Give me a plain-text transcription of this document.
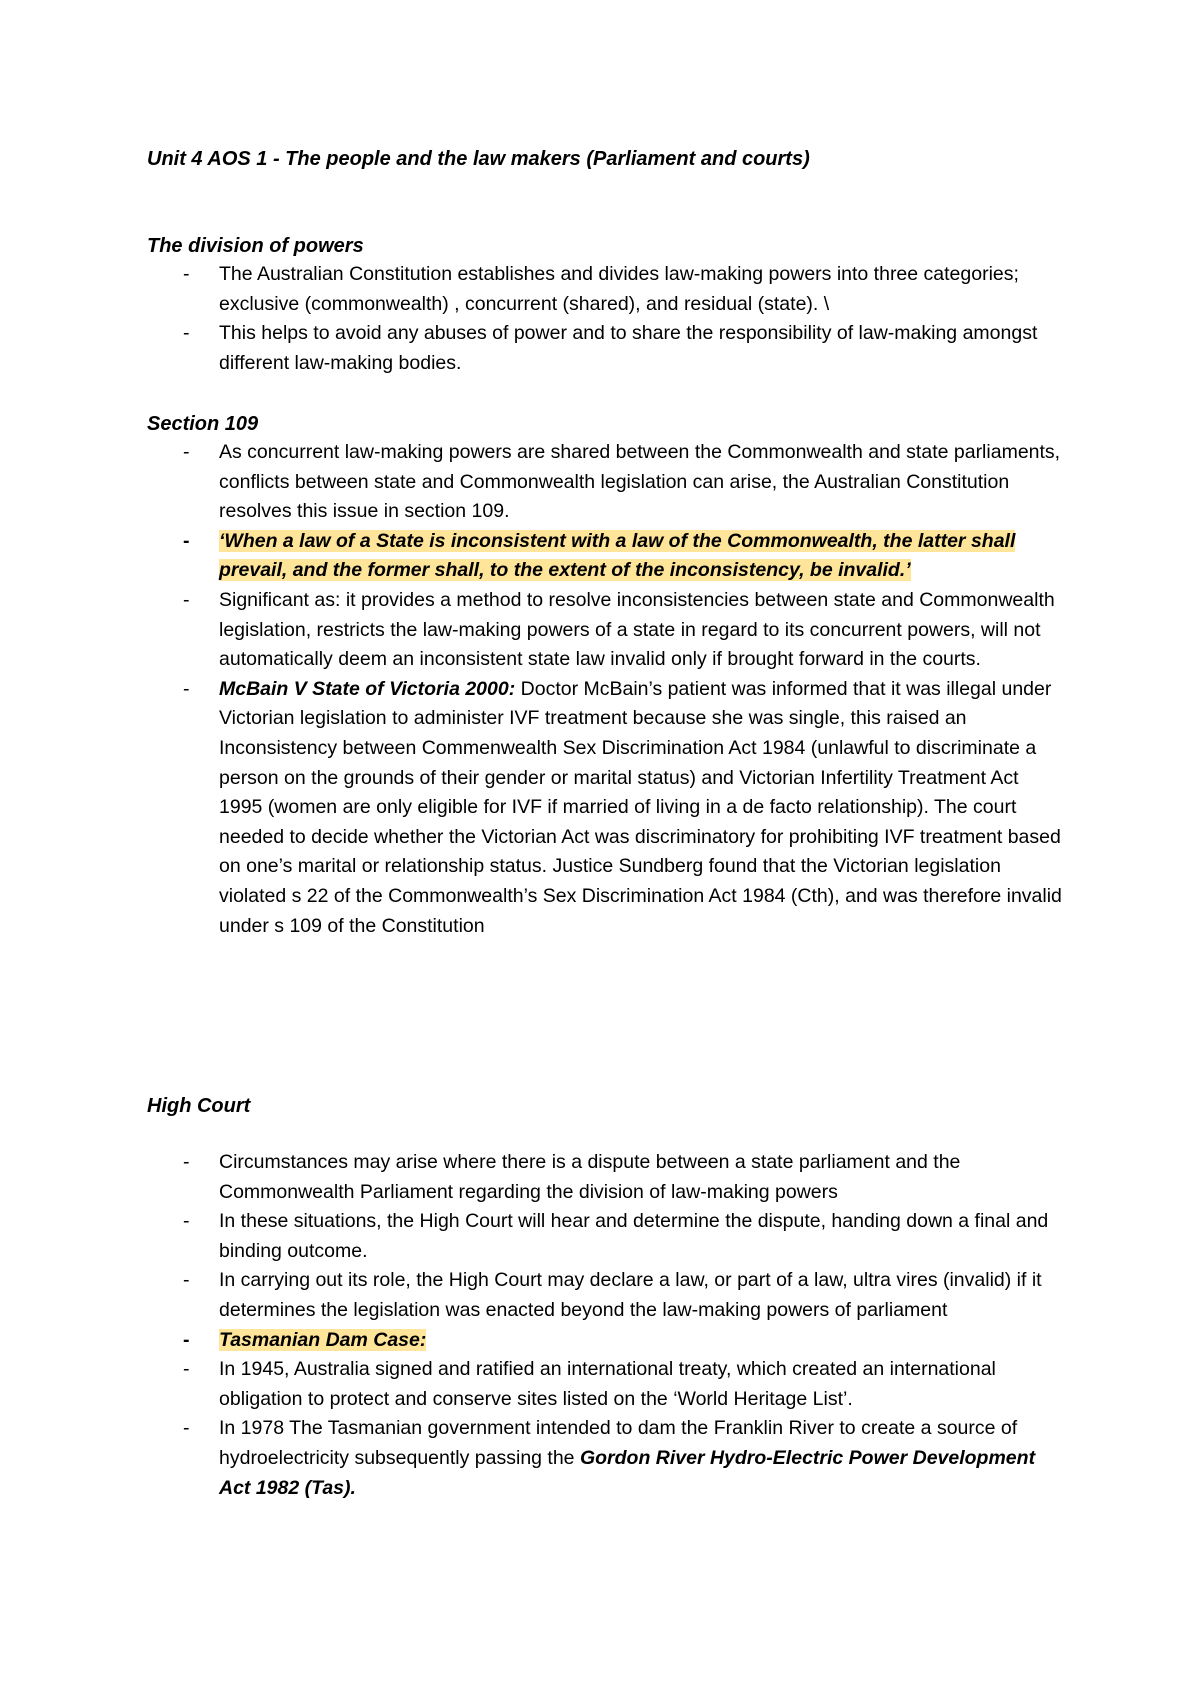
Unit 4 AOS 1 - The people and the law makers (Parliament and courts)
The division of powers
- The Australian Constitution establishes and divides law-making powers into three categories; exclusive (commonwealth) , concurrent (shared), and residual (state). \
- This helps to avoid any abuses of power and to share the responsibility of law-making amongst different law-making bodies.
Section 109
- As concurrent law-making powers are shared between the Commonwealth and state parliaments, conflicts between state and Commonwealth legislation can arise, the Australian Constitution resolves this issue in section 109.
- ‘When a law of a State is inconsistent with a law of the Commonwealth, the latter shall prevail, and the former shall, to the extent of the inconsistency, be invalid.’
- Significant as: it provides a method to resolve inconsistencies between state and Commonwealth legislation, restricts the law-making powers of a state in regard to its concurrent powers, will not automatically deem an inconsistent state law invalid only if brought forward in the courts.
- McBain V State of Victoria 2000: Doctor McBain’s patient was informed that it was illegal under Victorian legislation to administer IVF treatment because she was single, this raised an Inconsistency between Commenwealth Sex Discrimination Act 1984 (unlawful to discriminate a person on the grounds of their gender or marital status) and Victorian Infertility Treatment Act 1995 (women are only eligible for IVF if married of living in a de facto relationship). The court needed to decide whether the Victorian Act was discriminatory for prohibiting IVF treatment based on one’s marital or relationship status. Justice Sundberg found that the Victorian legislation violated s 22 of the Commonwealth’s Sex Discrimination Act 1984 (Cth), and was therefore invalid under s 109 of the Constitution
High Court
- Circumstances may arise where there is a dispute between a state parliament and the Commonwealth Parliament regarding the division of law-making powers
- In these situations, the High Court will hear and determine the dispute, handing down a final and binding outcome.
- In carrying out its role, the High Court may declare a law, or part of a law, ultra vires (invalid) if it determines the legislation was enacted beyond the law-making powers of parliament
- Tasmanian Dam Case:
- In 1945, Australia signed and ratified an international treaty, which created an international obligation to protect and conserve sites listed on the ‘World Heritage List’.
- In 1978 The Tasmanian government intended to dam the Franklin River to create a source of hydroelectricity subsequently passing the Gordon River Hydro-Electric Power Development Act 1982 (Tas).
